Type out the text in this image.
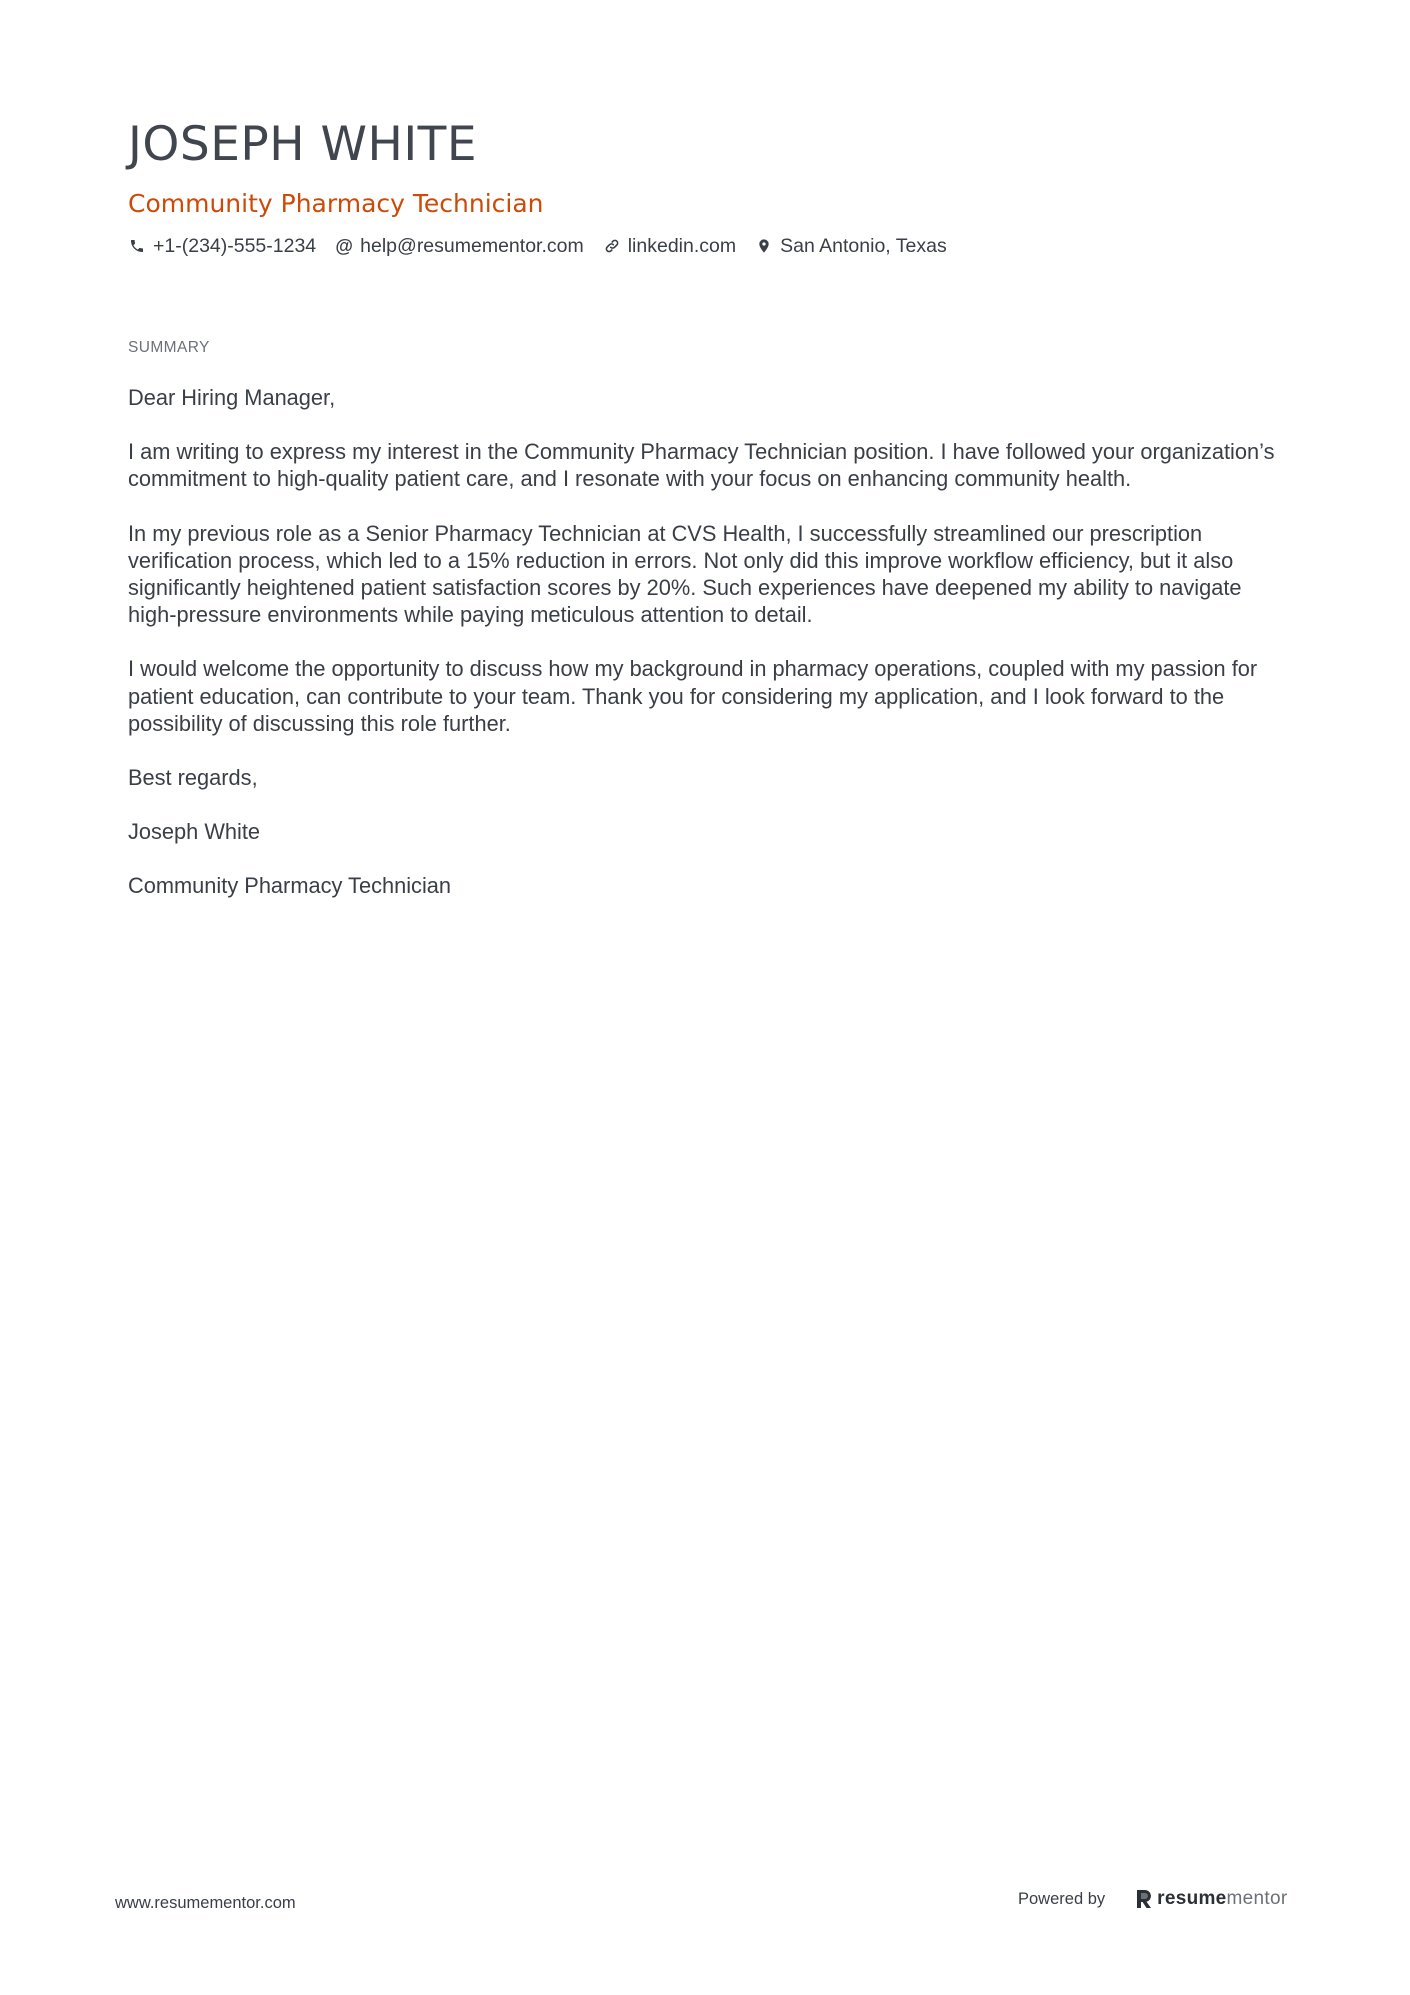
JOSEPH WHITE
Community Pharmacy Technician
+1-(234)-555-1234 @ help@resumementor.com linkedin.com San Antonio, Texas
SUMMARY

Dear Hiring Manager,

I am writing to express my interest in the Community Pharmacy Technician position. I have followed your organization’s commitment to high-quality patient care, and I resonate with your focus on enhancing community health.

In my previous role as a Senior Pharmacy Technician at CVS Health, I successfully streamlined our prescription verification process, which led to a 15% reduction in errors. Not only did this improve workflow efficiency, but it also significantly heightened patient satisfaction scores by 20%. Such experiences have deepened my ability to navigate high-pressure environments while paying meticulous attention to detail.

I would welcome the opportunity to discuss how my background in pharmacy operations, coupled with my passion for patient education, can contribute to your team. Thank you for considering my application, and I look forward to the possibility of discussing this role further.

Best regards,

Joseph White

Community Pharmacy Technician

www.resumementor.com	Powered by	resume mentor
